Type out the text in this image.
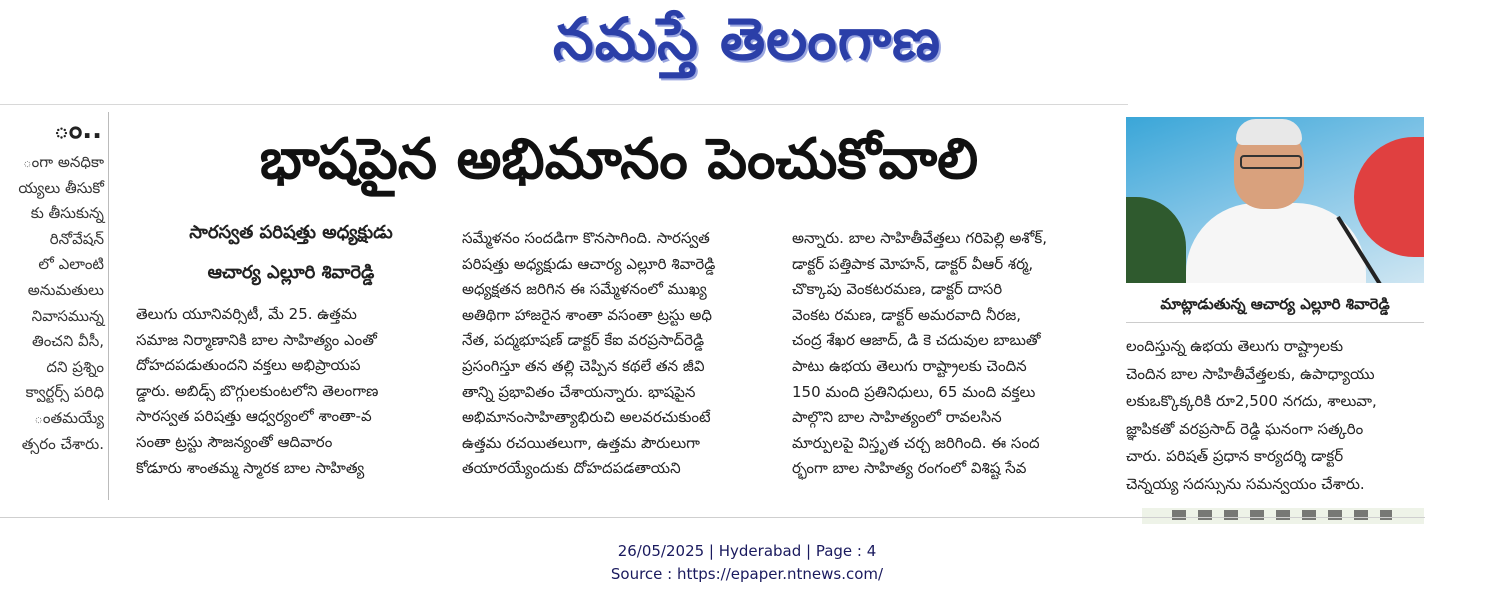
నమస్తే తెలంగాణ
ం..
ంగా అనధికా
య్యలు తీసుకో
కు తీసుకున్న
రినోవేషన్
లో ఎలాంటి
అనుమతులు
నివాసమున్న
తించని వీసీ,
దని ప్రశ్నిం
క్వార్టర్స్ పరిధి
ంతమయ్యే
త్సరం చేశారు.
భాషపైన అభిమానం పెంచుకోవాలి
సారస్వత పరిషత్తు అధ్యక్షుడు
ఆచార్య ఎల్లూరి శివారెడ్డి
తెలుగు యూనివర్సిటీ, మే 25. ఉత్తమ
సమాజ నిర్మాణానికి బాల సాహిత్యం ఎంతో
దోహదపడుతుందని వక్తలు అభిప్రాయప
డ్డారు. అబిడ్స్ బొగ్గులకుంటలోని తెలంగాణ
సారస్వత పరిషత్తు ఆధ్వర్యంలో శాంతా-వ
సంతా ట్రస్టు సౌజన్యంతో ఆదివారం
కోడూరు శాంతమ్మ స్మారక బాల సాహిత్య
సమ్మేళనం సందడిగా కొనసాగింది. సారస్వత
పరిషత్తు అధ్యక్షుడు ఆచార్య ఎల్లూరి శివారెడ్డి
అధ్యక్షతన జరిగిన ఈ సమ్మేళనంలో ముఖ్య
అతిథిగా హాజరైన శాంతా వసంతా ట్రస్టు అధి
నేత, పద్మభూషణ్ డాక్టర్ కేఐ వరప్రసాద్‌రెడ్డి
ప్రసంగిస్తూ తన తల్లి చెప్పిన కథలే తన జీవి
తాన్ని ప్రభావితం చేశాయన్నారు. భాషపైన
అభిమానంసాహిత్యాభిరుచి అలవరచుకుంటే
ఉత్తమ రచయితలుగా, ఉత్తమ పౌరులుగా
తయారయ్యేందుకు దోహదపడతాయని
అన్నారు. బాల సాహితీవేత్తలు గరిపెల్లి అశోక్,
డాక్టర్ పత్తిపాక మోహన్, డాక్టర్ వీఆర్ శర్మ,
చొక్కాపు వెంకటరమణ, డాక్టర్ దాసరి
వెంకట రమణ, డాక్టర్ అమరవాది నీరజ,
చంద్ర శేఖర ఆజాద్, డి కె చదువుల బాబుతో
పాటు ఉభయ తెలుగు రాష్ట్రాలకు చెందిన
150 మంది ప్రతినిధులు, 65 మంది వక్తలు
పాల్గొని బాల సాహిత్యంలో రావలసిన
మార్పులపై విస్తృత చర్చ జరిగింది. ఈ సంద
ర్భంగా బాల సాహిత్య రంగంలో విశిష్ట సేవ
మాట్లాడుతున్న ఆచార్య ఎల్లూరి శివారెడ్డి
లందిస్తున్న ఉభయ తెలుగు రాష్ట్రాలకు
చెందిన బాల సాహితీవేత్తలకు, ఉపాధ్యాయు
లకుఒక్కొక్కరికి రూ2,500 నగదు, శాలువా,
జ్ఞాపికతో వరప్రసాద్ రెడ్డి ఘనంగా సత్కరిం
చారు. పరిషత్ ప్రధాన కార్యదర్శి డాక్టర్
చెన్నయ్య సదస్సును సమన్వయం చేశారు.
26/05/2025 | Hyderabad | Page : 4
Source : https://epaper.ntnews.com/
